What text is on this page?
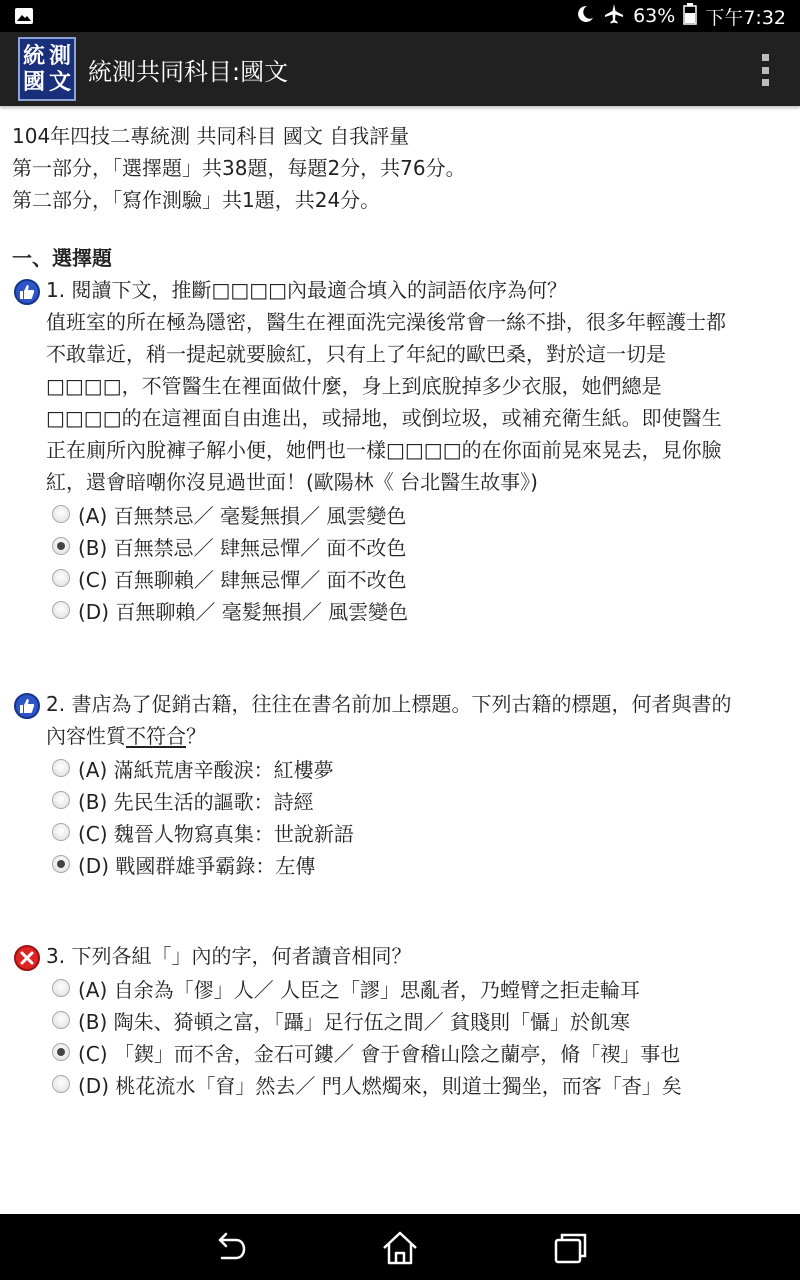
63% 下午7:32
統 測
國 文 統測共同科目:國文
104年四技二專統測 共同科目 國文 自我評量
第一部分，「選擇題」共38題，每題2分，共76分。
第二部分，「寫作測驗」共1題，共24分。
一、選擇題
1. 閱讀下文，推斷□□□□內最適合填入的詞語依序為何？
值班室的所在極為隱密，醫生在裡面洗完澡後常會一絲不掛，很多年輕護士都
不敢靠近，稍一提起就要臉紅，只有上了年紀的歐巴桑，對於這一切是
□□□□，不管醫生在裡面做什麼，身上到底脫掉多少衣服，她們總是
□□□□的在這裡面自由進出，或掃地，或倒垃圾，或補充衛生紙。即使醫生
正在廁所內脫褲子解小便，她們也一樣□□□□的在你面前晃來晃去，見你臉
紅，還會暗嘲你沒見過世面！(歐陽林《 台北醫生故事》)
(A) 百無禁忌／ 毫髮無損／ 風雲變色
(B) 百無禁忌／ 肆無忌憚／ 面不改色
(C) 百無聊賴／ 肆無忌憚／ 面不改色
(D) 百無聊賴／ 毫髮無損／ 風雲變色
2. 書店為了促銷古籍，往往在書名前加上標題。下列古籍的標題，何者與書的
內容性質不符合？
(A) 滿紙荒唐辛酸淚：紅樓夢
(B) 先民生活的謳歌：詩經
(C) 魏晉人物寫真集：世說新語
(D) 戰國群雄爭霸錄：左傳
3. 下列各組「」內的字，何者讀音相同？
(A) 自余為「僇」人／ 人臣之「謬」思亂者，乃螳臂之拒走輪耳
(B) 陶朱、猗頓之富，「躡」足行伍之間／ 貧賤則「懾」於飢寒
(C) 「鍥」而不舍，金石可鏤／ 會于會稽山陰之蘭亭，脩「禊」事也
(D) 桃花流水「窅」然去／ 門人燃燭來，則道士獨坐，而客「杳」矣
